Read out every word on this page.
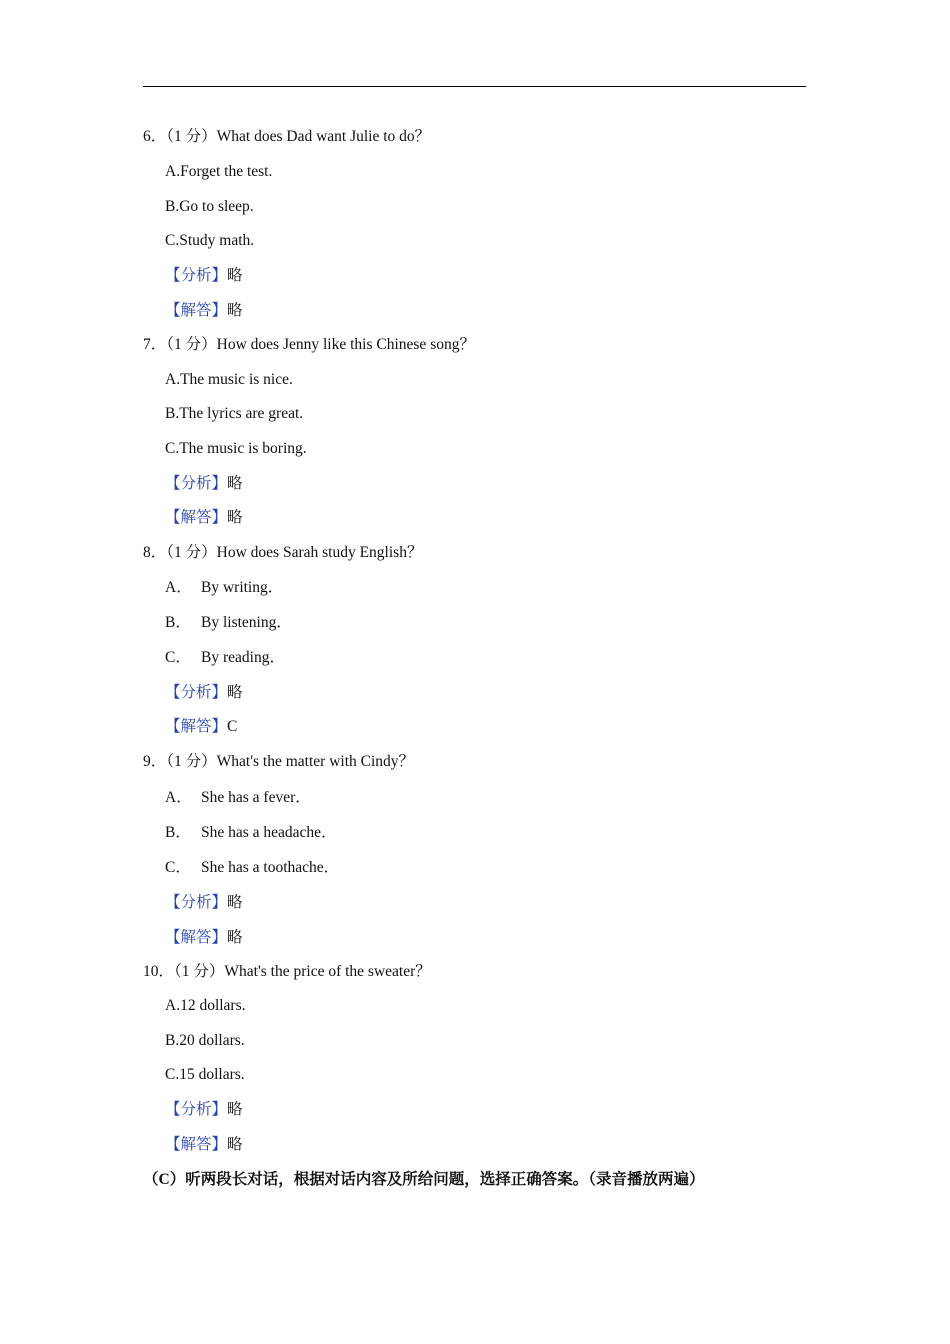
6．（1 分）What does Dad want Julie to do？
A.Forget the test.
B.Go to sleep.
C.Study math.
【分析】略
【解答】略
7．（1 分）How does Jenny like this Chinese song？
A.The music is nice.
B.The lyrics are great.
C.The music is boring.
【分析】略
【解答】略
8．（1 分）How does Sarah study English？
A． By writing．
B． By listening．
C． By reading．
【分析】略
【解答】C
9．（1 分）What's the matter with Cindy？
A． She has a fever．
B． She has a headache．
C． She has a toothache．
【分析】略
【解答】略
10．（1 分）What's the price of the sweater？
A.12 dollars.
B.20 dollars.
C.15 dollars.
【分析】略
【解答】略
（C）听两段长对话，根据对话内容及所给问题，选择正确答案。（录音播放两遍）
